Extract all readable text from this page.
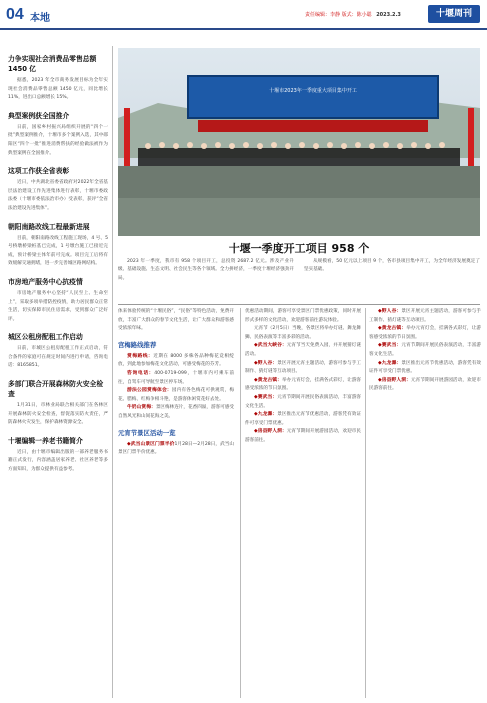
04 本地	责任编辑：李静 版式：陈小聪 2023.2.3	十堰周刊
力争实现社会消费品零售总额 1450 亿
据悉，2023 年全市商务发展目标为全年实现社会消费品零售总额 1450 亿元，同比增长 11%，进出口总额增长 15%。
典型案例获全国推介
日前，国家乡村振兴局组织开展的“四个一批”典型案例推介，十堰市多个案例入选，其中郧阳区“四个一批”推进消费帮扶的经验做法被作为典型案例在全国推介。
这项工作获全省表彰
近日，中共湖北省委省政府对2022年全省基层法治建设工作先进集体进行表彰，十堰市委政法委（十堰市委依法治市办）受表彰，获评“全省法治建设先进集体”。
朝阳南路改线工程最新进展
目前，朝阳南路改线工程施工现场，4 号、5 号桥墩桥梁桩基已完成，1 号墩台施工已接近完成，预计桥梁主体年前可完成。项目完工后将有效缓解交通拥堵，进一步完善城区路网结构。
市房地产服务中心抗疫情
市房地产服务中心坚持“人民至上、生命至上”，采取多项举措防控疫情，助力居民群众正常生活，切实保障市民住房需求，受到群众广泛好评。
城区公租房配租工作启动
日前，市城区公租房配租工作正式启动，符合条件的家庭可在规定时间内进行申请，咨询电话：8165851。
多部门联合开展森林防火安全检查
1月31日，市林业局联合相关部门在各林区开展森林防火安全检查，督促落实防火责任，严防森林火灾发生，保护森林资源安全。
十堰编辑一养老书籍简介
近日，由十堰市编辑出版的一部养老服务书籍正式发行，内容涵盖居家养老、社区养老等多方面知识，为群众提供有益参考。
十堰市2023年一季度重大项目集中开工
十堰一季度开工项目 958 个
2023 年一季度，我市有 958 个项目开工，总投资 2687.2 亿元。涉及产业升级、基础设施、生态文明、社会民生等各个领域。全力拼经济，一季度十堰经济强劲开局。
从规模看，50 亿元以上项目 9 个，各市县项目集中开工，为全年经济发展奠定了坚实基础。
体来体验传统的“十堰民俗”，“民俗”等特色活动，免费开放，丰富广大群众的春节文化生活，让广大群众和游客感受浓浓年味。
宫梅路线推荐
赏梅路线：近期在 8000 多株各品种梅花竞相绽放，到此地参加梅花文化活动，可感受梅花的芬芳。
咨询电话：400-0719-099，十堰市内可乘车前往，自驾车可导航至景区停车场。
游法公园赏梅体会：园内有各色梅花可供观赏，梅花、腊梅、红梅争相斗艳，是游客休闲赏花好去处。
牛奶山赏梅：景区梅林连片，花香四溢，游客可感受自然风光和山间花海之美。
元宵节景区活动一览
◆武当山景区门票半价1月28日—2月28日，武当山景区门票半价优惠。
优惠活动期间，游客可享受景区门票优惠政策，同时开展形式多样的文化活动，欢迎游客前往游玩体验。
元宵节（2月5日）当晚，各景区将举办灯谜、舞龙舞狮、民俗表演等丰富多彩的活动。
◆武当大峡谷：元宵节当天免费入园，并开展猜灯谜活动。
◆野人谷：景区开展元宵主题活动，游客可参与手工制作、猜灯谜等互动项目。
◆黄龙古镇：举办元宵灯会，挂满各式彩灯，让游客感受浓浓的节日氛围。
◆赛武当：元宵节期间开展民俗表演活动，丰富游客文化生活。
◆九龙瀑：景区推出元宵节优惠活动，游客凭有效证件可享受门票优惠。
◆房县野人洞：元宵节期间开展游园活动，欢迎市民游客前往。
◆野人谷：景区开展元宵主题活动，游客可参与手工制作、猜灯谜等互动项目。
◆黄龙古镇：举办元宵灯会，挂满各式彩灯，让游客感受浓浓的节日氛围。
◆赛武当：元宵节期间开展民俗表演活动，丰富游客文化生活。
◆九龙瀑：景区推出元宵节优惠活动，游客凭有效证件可享受门票优惠。
◆房县野人洞：元宵节期间开展游园活动，欢迎市民游客前往。
